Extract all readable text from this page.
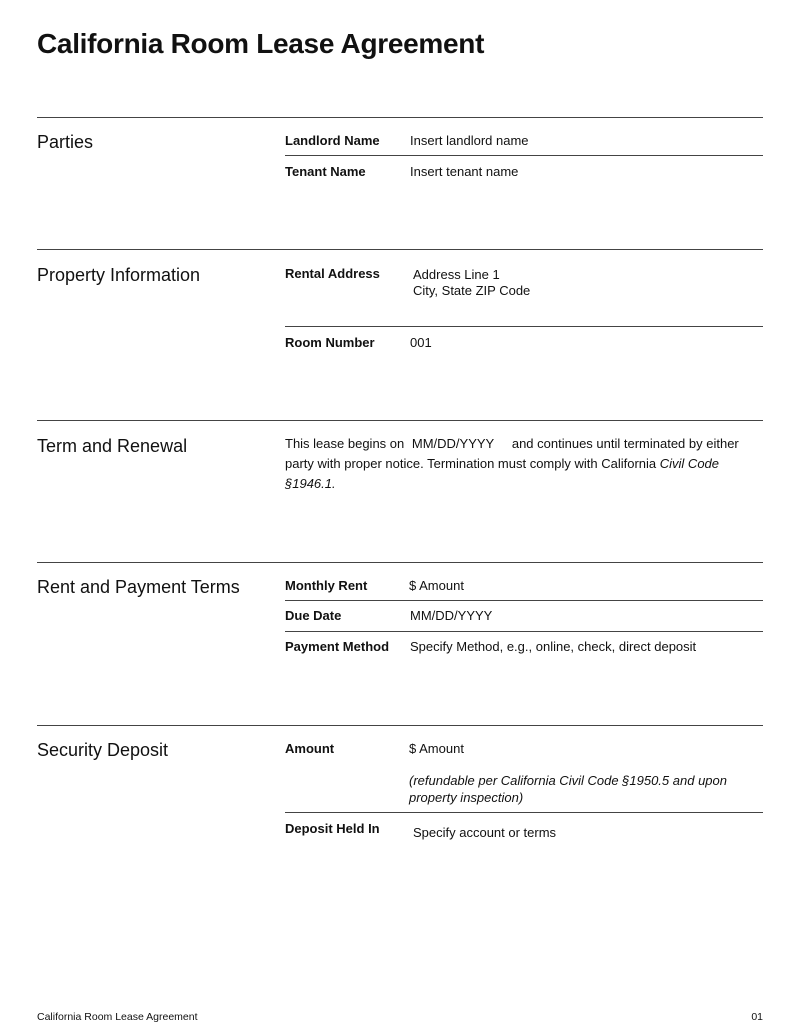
California Room Lease Agreement
Parties	Landlord Name Insert landlord name
Tenant Name	Insert tenant name
Property Information	Rental Address	Address Line 1
City, State ZIP Code
Room Number	001
Term and Renewal	This lease begins on MM/DD/YYYY and continues until terminated by either party with proper notice. Termination must comply with California Civil Code §1946.1.
Rent and Payment Terms	Monthly Rent	$ Amount
Due Date	MM/DD/YYYY
Payment Method Specify Method, e.g., online, check, direct deposit
Security Deposit	Amount	$ Amount
(refundable per California Civil Code §1950.5 and upon
property inspection)
Deposit Held In	Specify account or terms
California Room Lease Agreement	01
